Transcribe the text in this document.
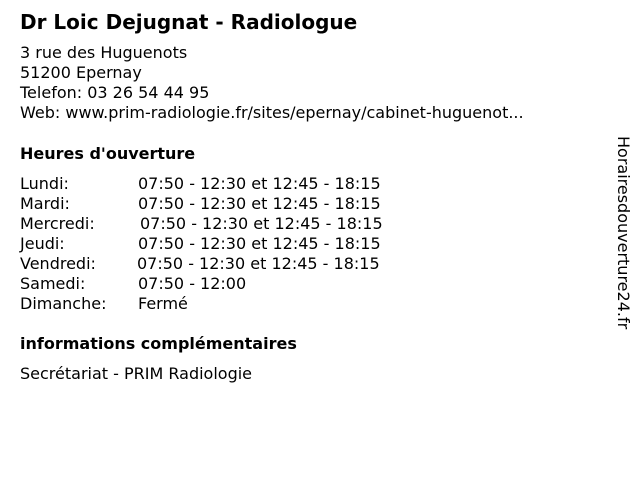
Dr Loic Dejugnat - Radiologue
3 rue des Huguenots
51200 Epernay
Telefon: 03 26 54 44 95
Web: www.prim-radiologie.fr/sites/epernay/cabinet-huguenot...
Heures d'ouverture
Lundi:	07:50 - 12:30 et 12:45 - 18:15
Mardi:	07:50 - 12:30 et 12:45 - 18:15
Mercredi:	07:50 - 12:30 et 12:45 - 18:15
Jeudi:	07:50 - 12:30 et 12:45 - 18:15
Vendredi:	07:50 - 12:30 et 12:45 - 18:15
Samedi:	07:50 - 12:00
Dimanche: Fermé
informations complémentaires
Secrétariat - PRIM Radiologie
Horairesdouverture24.fr
